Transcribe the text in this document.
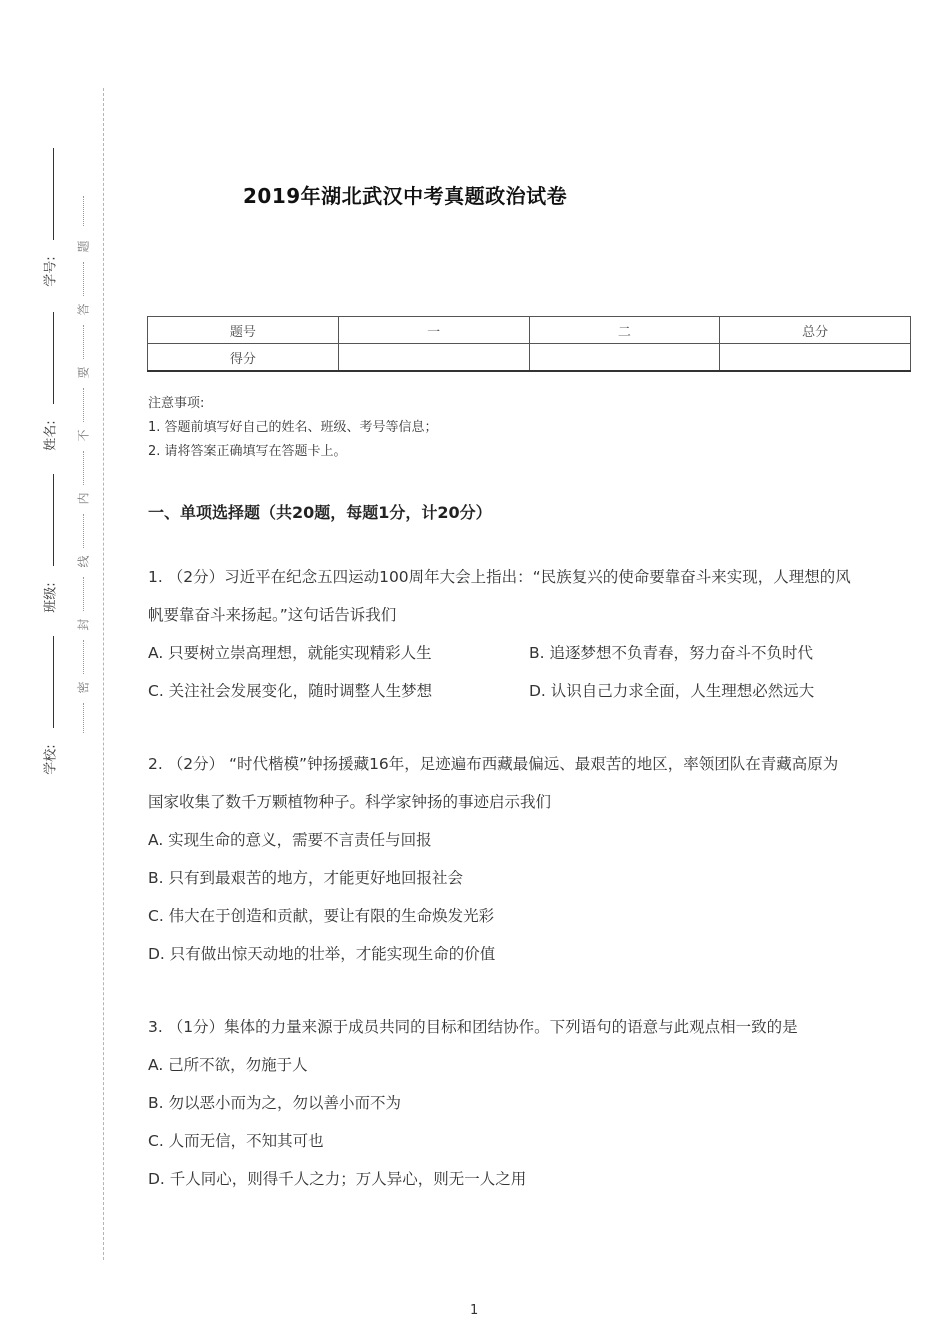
学号:
姓名:
班级:
学校:
题
答
要
不
内
线
封
密
2019年湖北武汉中考真题政治试卷
题号	一	二	总分
得分			
注意事项:
1. 答题前填写好自己的姓名、班级、考号等信息；
2. 请将答案正确填写在答题卡上。
一、单项选择题（共20题，每题1分，计20分）
1. （2分）习近平在纪念五四运动100周年大会上指出：“民族复兴的使命要靠奋斗来实现，人理想的风
帆要靠奋斗来扬起。”这句话告诉我们
A. 只要树立崇高理想，就能实现精彩人生	B. 追逐梦想不负青春，努力奋斗不负时代
C. 关注社会发展变化，随时调整人生梦想	D. 认识自己力求全面，人生理想必然远大
2. （2分） “时代楷模”钟扬援藏16年，足迹遍布西藏最偏远、最艰苦的地区，率领团队在青藏高原为
国家收集了数千万颗植物种子。科学家钟扬的事迹启示我们
A. 实现生命的意义，需要不言责任与回报
B. 只有到最艰苦的地方，才能更好地回报社会
C. 伟大在于创造和贡献，要让有限的生命焕发光彩
D. 只有做出惊天动地的壮举，才能实现生命的价值
3. （1分）集体的力量来源于成员共同的目标和团结协作。下列语句的语意与此观点相一致的是
A. 己所不欲，勿施于人
B. 勿以恶小而为之，勿以善小而不为
C. 人而无信，不知其可也
D. 千人同心，则得千人之力；万人异心，则无一人之用
1
